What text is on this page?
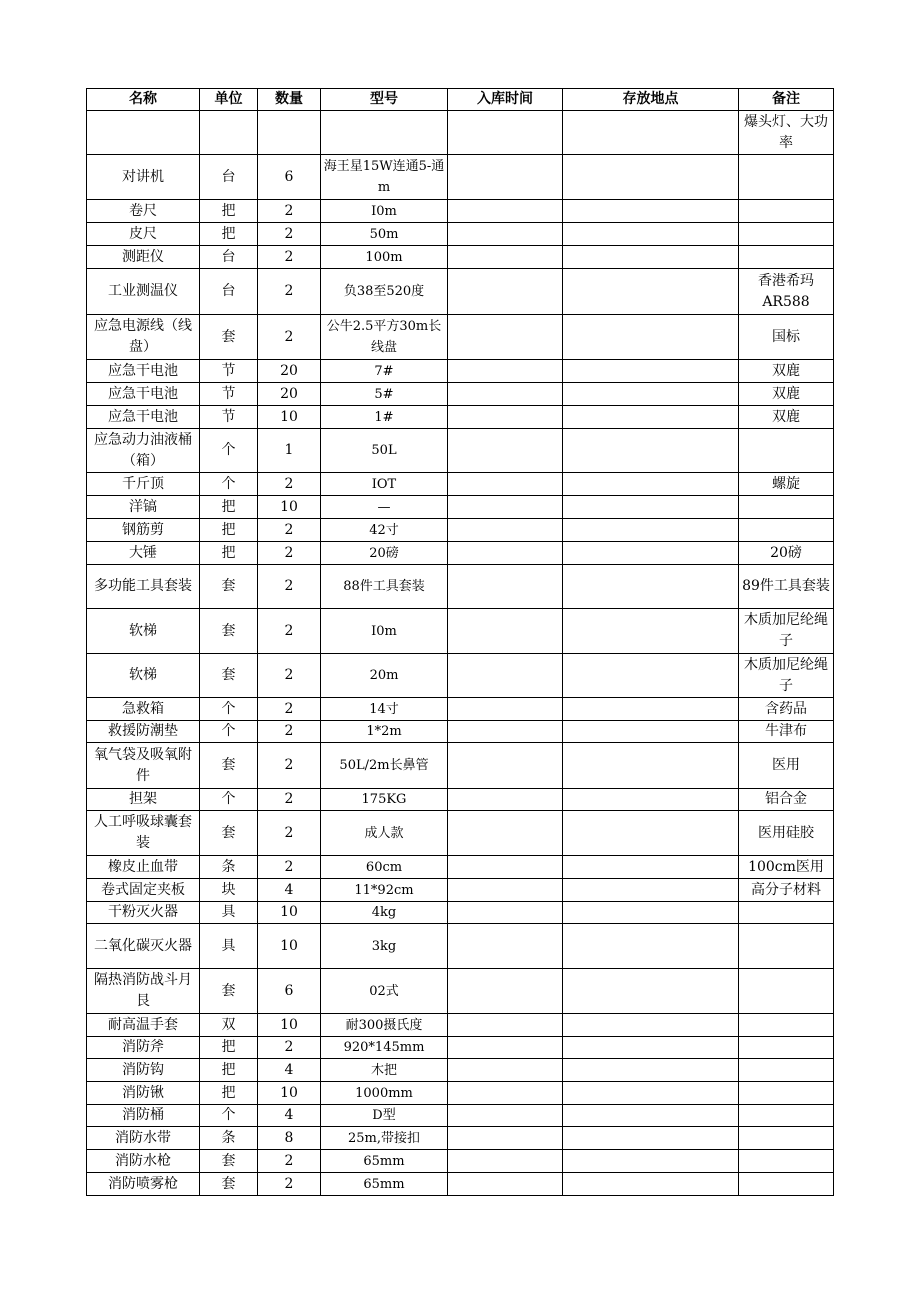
名称	单位	数量	型号	入库时间	存放地点	备注
						爆头灯、大功率
对讲机	台	6	海王星15W连通5-通m			
卷尺	把	2	I0m			
皮尺	把	2	50m			
测距仪	台	2	100m			
工业测温仪	台	2	负38至520度			香港希玛AR588
应急电源线（线盘）	套	2	公牛2.5平方30m长线盘			国标
应急干电池	节	20	7#			双鹿
应急干电池	节	20	5#			双鹿
应急干电池	节	10	1#			双鹿
应急动力油液桶（箱）	个	1	50L			
千斤顶	个	2	IOT			螺旋
洋镐	把	10	—			
钢筋剪	把	2	42寸			
大锤	把	2	20磅			20磅
多功能工具套装	套	2	88件工具套装			89件工具套装
软梯	套	2	I0m			木质加尼纶绳子
软梯	套	2	20m			木质加尼纶绳子
急救箱	个	2	14寸			含药品
救援防潮垫	个	2	1*2m			牛津布
氧气袋及吸氧附件	套	2	50L/2m长鼻管			医用
担架	个	2	175KG			铝合金
人工呼吸球囊套装	套	2	成人款			医用硅胶
橡皮止血带	条	2	60cm			100cm医用
卷式固定夹板	块	4	11*92cm			高分子材料
干粉灭火器	具	10	4kg			
二氧化碳灭火器	具	10	3kg			
隔热消防战斗月艮	套	6	02式			
耐高温手套	双	10	耐300摄氏度			
消防斧	把	2	920*145mm			
消防钩	把	4	木把			
消防锹	把	10	1000mm			
消防桶	个	4	D型			
消防水带	条	8	25m,带接扣			
消防水枪	套	2	65mm			
消防喷雾枪	套	2	65mm			
